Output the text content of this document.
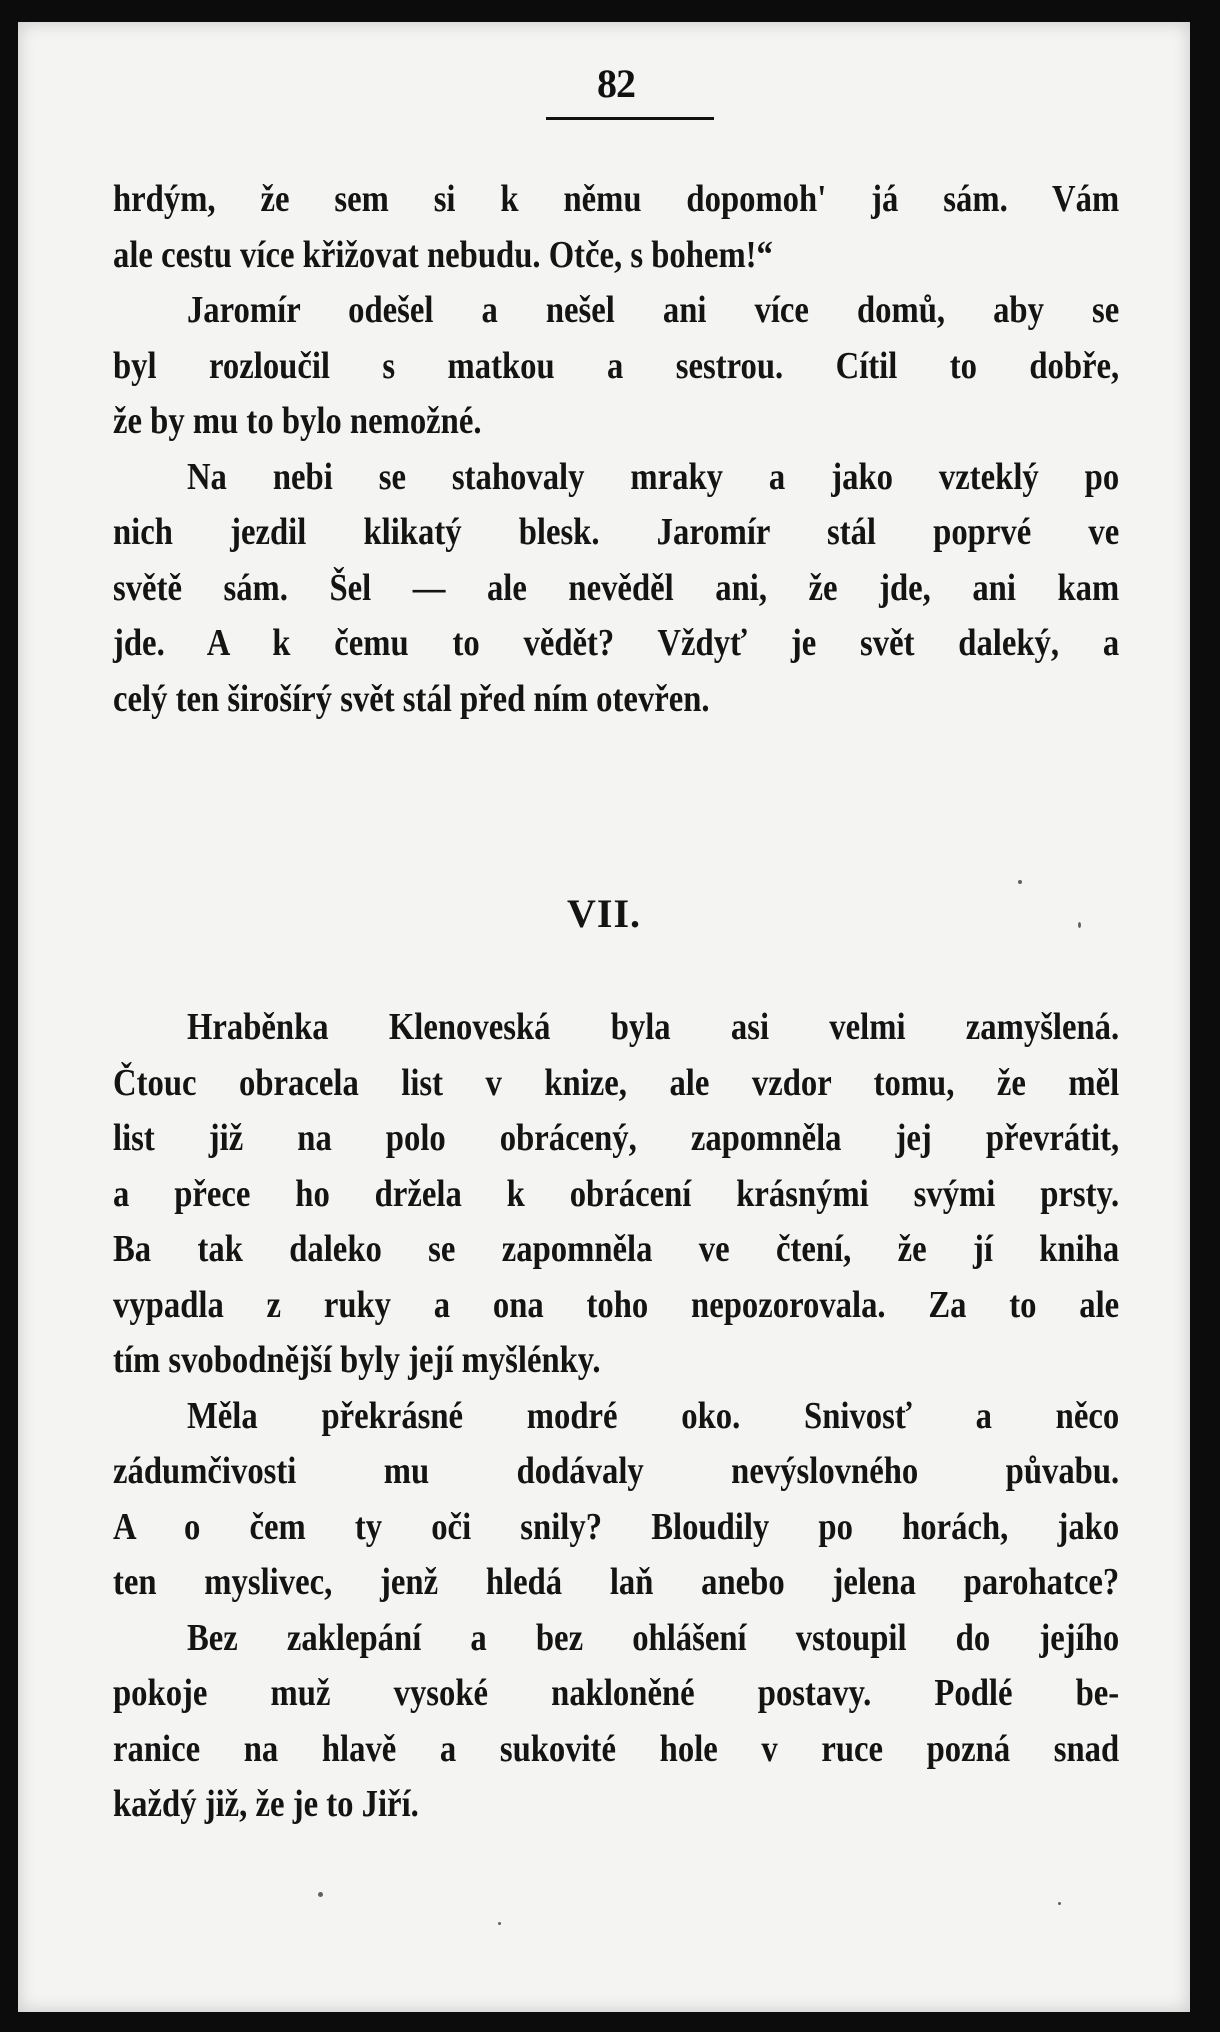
82
hrdým, že sem si k němu dopomoh' já sám. Vám
ale cestu více křižovat nebudu. Otče, s bohem!“
Jaromír odešel a nešel ani více domů, aby se
byl rozloučil s matkou a sestrou. Cítil to dobře,
že by mu to bylo nemožné.
Na nebi se stahovaly mraky a jako vzteklý po
nich jezdil klikatý blesk. Jaromír stál poprvé ve
světě sám. Šel — ale nevěděl ani, že jde, ani kam
jde. A k čemu to vědět? Vždyť je svět daleký, a
celý ten širošírý svět stál před ním otevřen.
VII.
Hraběnka Klenoveská byla asi velmi zamyšlená.
Čtouc obracela list v knize, ale vzdor tomu, že měl
list již na polo obrácený, zapomněla jej převrátit,
a přece ho držela k obrácení krásnými svými prsty.
Ba tak daleko se zapomněla ve čtení, že jí kniha
vypadla z ruky a ona toho nepozorovala. Za to ale
tím svobodnější byly její myšlénky.
Měla překrásné modré oko. Snivosť a něco
zádumčivosti mu dodávaly nevýslovného půvabu.
A o čem ty oči snily? Bloudily po horách, jako
ten myslivec, jenž hledá laň anebo jelena parohatce?
Bez zaklepání a bez ohlášení vstoupil do jejího
pokoje muž vysoké nakloněné postavy. Podlé be-
ranice na hlavě a sukovité hole v ruce pozná snad
každý již, že je to Jiří.
